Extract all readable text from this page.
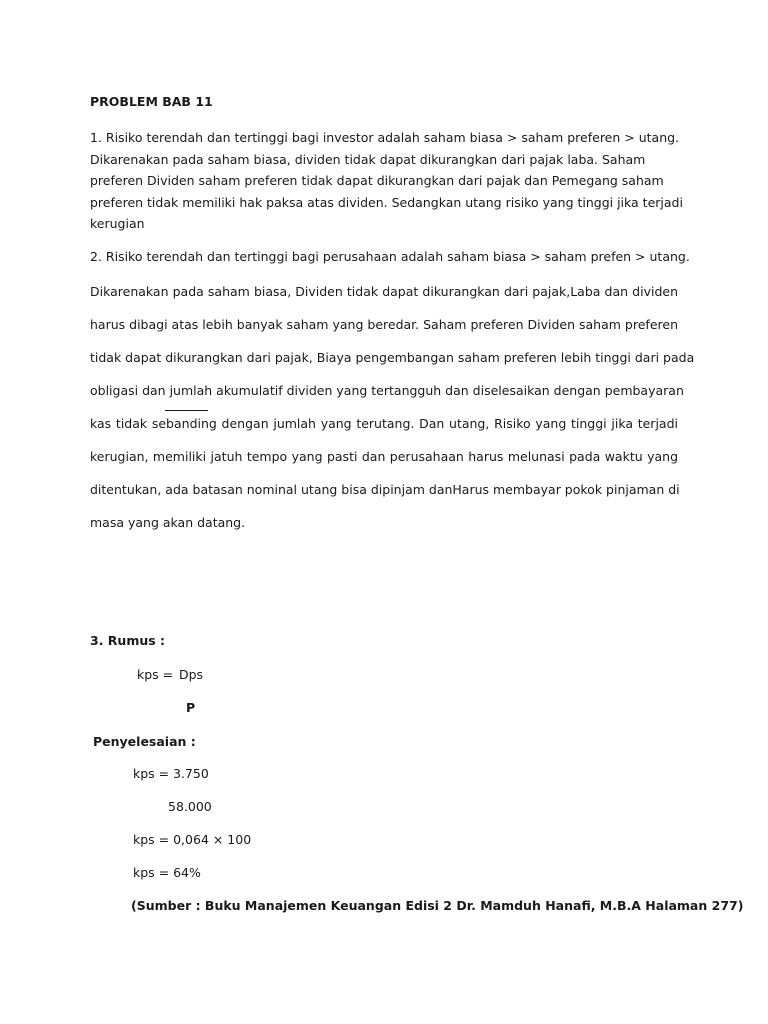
PROBLEM BAB 11
1. Risiko terendah dan tertinggi bagi investor adalah saham biasa > saham preferen > utang.
Dikarenakan pada saham biasa, dividen tidak dapat dikurangkan dari pajak laba. Saham
preferen Dividen saham preferen tidak dapat dikurangkan dari pajak dan Pemegang saham
preferen tidak memiliki hak paksa atas dividen. Sedangkan utang risiko yang tinggi jika terjadi
kerugian
2. Risiko terendah dan tertinggi bagi perusahaan adalah saham biasa > saham prefen > utang.
Dikarenakan pada saham biasa, Dividen tidak dapat dikurangkan dari pajak,Laba dan dividen
harus dibagi atas lebih banyak saham yang beredar. Saham preferen Dividen saham preferen
tidak dapat dikurangkan dari pajak, Biaya pengembangan saham preferen lebih tinggi dari pada
obligasi dan jumlah akumulatif dividen yang tertangguh dan diselesaikan dengan pembayaran
kas tidak sebanding dengan jumlah yang terutang. Dan utang, Risiko yang tinggi jika terjadi
kerugian, memiliki jatuh tempo yang pasti dan perusahaan harus melunasi pada waktu yang
ditentukan, ada batasan nominal utang bisa dipinjam danHarus membayar pokok pinjaman di
masa yang akan datang.
3. Rumus :
kps = Dps
P
Penyelesaian :
kps = 3.750
58.000
kps = 0,064 × 100
kps = 64%
(Sumber : Buku Manajemen Keuangan Edisi 2 Dr. Mamduh Hanafi, M.B.A Halaman 277)
